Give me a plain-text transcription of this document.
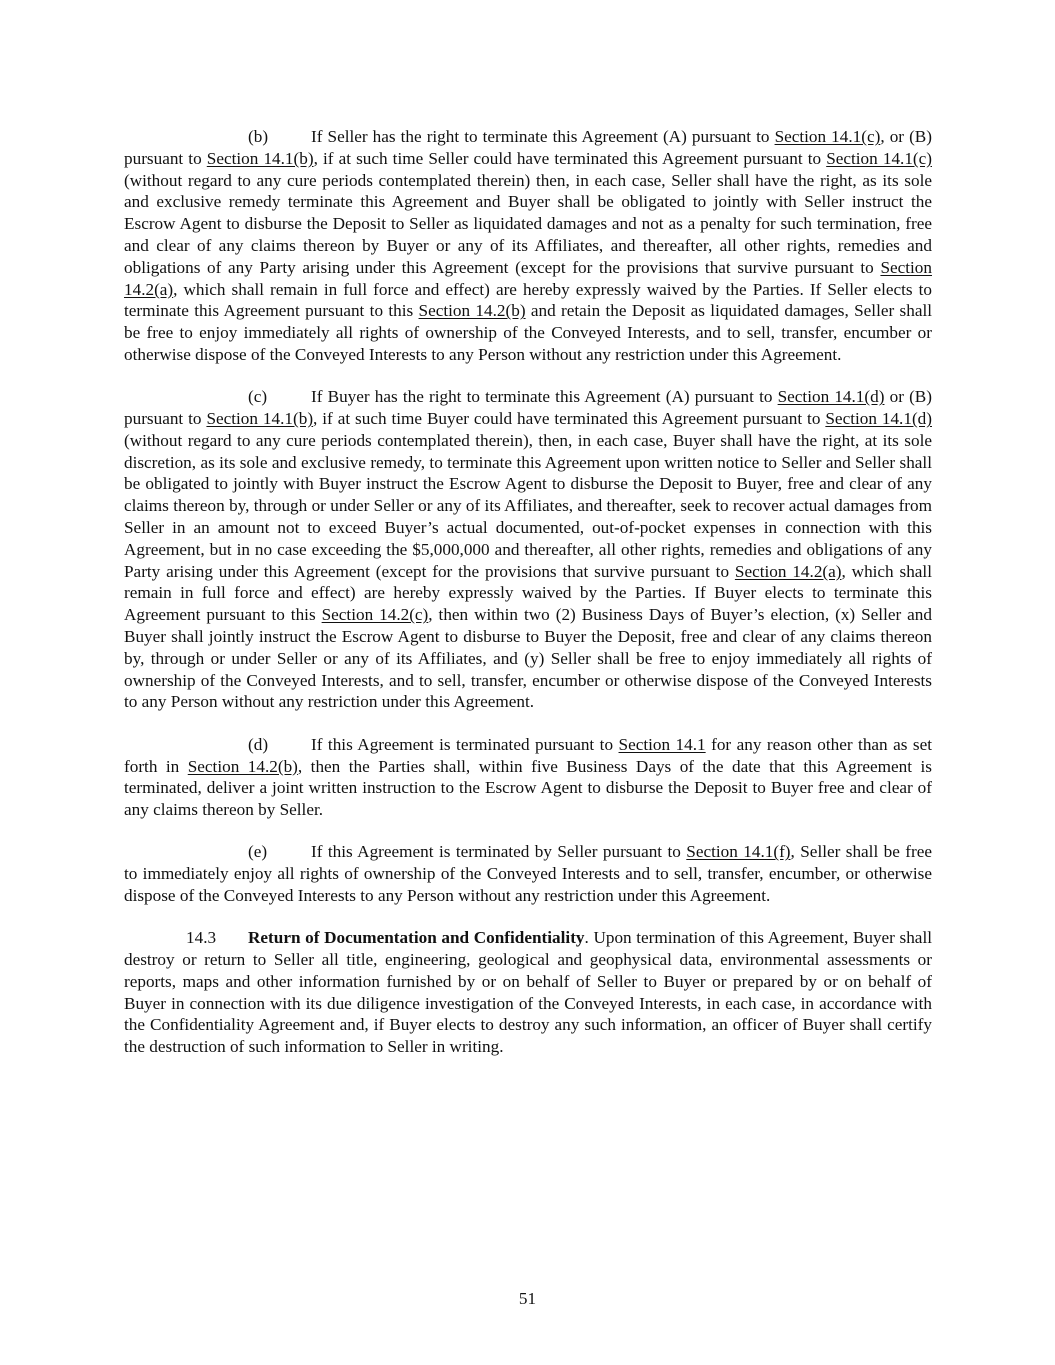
(b) If Seller has the right to terminate this Agreement (A) pursuant to Section 14.1(c), or (B) pursuant to Section 14.1(b), if at such time Seller could have terminated this Agreement pursuant to Section 14.1(c) (without regard to any cure periods contemplated therein) then, in each case, Seller shall have the right, as its sole and exclusive remedy terminate this Agreement and Buyer shall be obligated to jointly with Seller instruct the Escrow Agent to disburse the Deposit to Seller as liquidated damages and not as a penalty for such termination, free and clear of any claims thereon by Buyer or any of its Affiliates, and thereafter, all other rights, remedies and obligations of any Party arising under this Agreement (except for the provisions that survive pursuant to Section 14.2(a), which shall remain in full force and effect) are hereby expressly waived by the Parties. If Seller elects to terminate this Agreement pursuant to this Section 14.2(b) and retain the Deposit as liquidated damages, Seller shall be free to enjoy immediately all rights of ownership of the Conveyed Interests, and to sell, transfer, encumber or otherwise dispose of the Conveyed Interests to any Person without any restriction under this Agreement.

(c)	If Buyer has the right to terminate this Agreement (A) pursuant to Section 14.1(d) or (B) pursuant to Section 14.1(b), if at such time Buyer could have terminated this Agreement pursuant to Section 14.1(d) (without regard to any cure periods contemplated therein), then, in each case, Buyer shall have the right, at its sole discretion, as its sole and exclusive remedy, to terminate this Agreement upon written notice to Seller and Seller shall be obligated to jointly with Buyer instruct the Escrow Agent to disburse the Deposit to Buyer, free and clear of any claims thereon by, through or under Seller or any of its Affiliates, and thereafter, seek to recover actual damages from Seller in an amount not to exceed Buyer’s actual documented, out-of-pocket expenses in connection with this Agreement, but in no case exceeding the $5,000,000 and thereafter, all other rights, remedies and obligations of any Party arising under this Agreement (except for the provisions that survive pursuant to Section 14.2(a), which shall remain in full force and effect) are hereby expressly waived by the Parties. If Buyer elects to terminate this Agreement pursuant to this Section 14.2(c), then within two (2) Business Days of Buyer’s election, (x) Seller and Buyer shall jointly instruct the Escrow Agent to disburse to Buyer the Deposit, free and clear of any claims thereon by, through or under Seller or any of its Affiliates, and (y) Seller shall be free to enjoy immediately all rights of ownership of the Conveyed Interests, and to sell, transfer, encumber or otherwise dispose of the Conveyed Interests to any Person without any restriction under this Agreement.

(d) If this Agreement is terminated pursuant to Section 14.1 for any reason other than as set forth in Section 14.2(b), then the Parties shall, within five Business Days of the date that this Agreement is terminated, deliver a joint written instruction to the Escrow Agent to disburse the Deposit to Buyer free and clear of any claims thereon by Seller.

(e)	If this Agreement is terminated by Seller pursuant to Section 14.1(f), Seller shall be free to immediately enjoy all rights of ownership of the Conveyed Interests and to sell, transfer, encumber, or otherwise dispose of the Conveyed Interests to any Person without any restriction under this Agreement.

14.3 Return of Documentation and Confidentiality. Upon termination of this Agreement, Buyer shall destroy or return to Seller all title, engineering, geological and geophysical data, environmental assessments or reports, maps and other information furnished by or on behalf of Seller to Buyer or prepared by or on behalf of Buyer in connection with its due diligence investigation of the Conveyed Interests, in each case, in accordance with the Confidentiality Agreement and, if Buyer elects to destroy any such information, an officer of Buyer shall certify the destruction of such information to Seller in writing.

51
